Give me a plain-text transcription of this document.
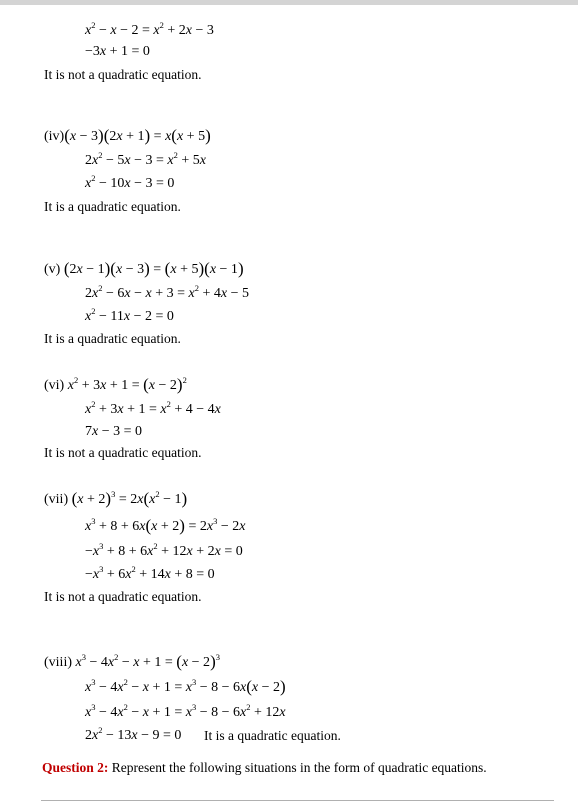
$x^2 - x - 2 = x^2 + 2x - 3$
−3x + 1 = 0
It is not a quadratic equation.
(iv)(x − 3)(2x + 1) = x(x + 5)
$2x^2 - 5x - 3 = x^2 + 5x$
$x^2 - 10x - 3 = 0$
It is a quadratic equation.
(v) (2x − 1)(x − 3) = (x + 5)(x − 1)
$2x^2 - 6x - x + 3 = x^2 + 4x - 5$
$x^2 - 11x - 2 = 0$
It is a quadratic equation.
(vi) $x^2 + 3x + 1 = (x - 2)^2$
$x^2 + 3x + 1 = x^2 + 4 - 4x$
7x − 3 = 0
It is not a quadratic equation.
(vii) $(x + 2)^3 = 2x(x^2 - 1)$
$x^3 + 8 + 6x(x + 2) = 2x^3 - 2x$
$-x^3 + 8 + 6x^2 + 12x + 2x = 0$
$-x^3 + 6x^2 + 14x + 8 = 0$
It is not a quadratic equation.
(viii) $x^3 - 4x^2 - x + 1 = (x - 2)^3$
$x^3 - 4x^2 - x + 1 = x^3 - 8 - 6x(x - 2)$
$x^3 - 4x^2 - x + 1 = x^3 - 8 - 6x^2 + 12x$
$2x^2 - 13x - 9 = 0$ It is a quadratic equation.
Question 2: Represent the following situations in the form of quadratic equations.
